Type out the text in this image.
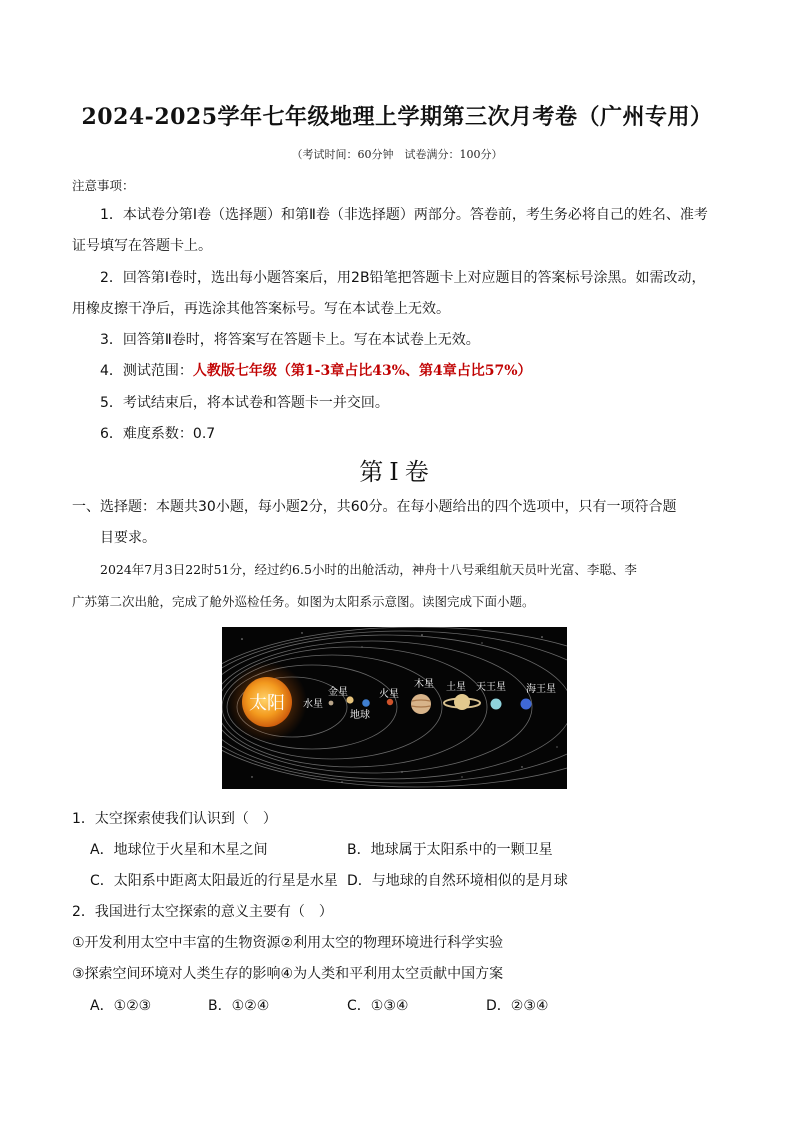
2024-2025学年七年级地理上学期第三次月考卷（广州专用）
（考试时间：60分钟　试卷满分：100分）
注意事项：
1．本试卷分第Ⅰ卷（选择题）和第Ⅱ卷（非选择题）两部分。答卷前，考生务必将自己的姓名、准考
证号填写在答题卡上。
2．回答第Ⅰ卷时，选出每小题答案后，用2B铅笔把答题卡上对应题目的答案标号涂黑。如需改动，
用橡皮擦干净后，再选涂其他答案标号。写在本试卷上无效。
3．回答第Ⅱ卷时，将答案写在答题卡上。写在本试卷上无效。
4．测试范围：人教版七年级（第1-3章占比43%、第4章占比57%）
5．考试结束后，将本试卷和答题卡一并交回。
6．难度系数：0.7
第Ⅰ卷
一、选择题：本题共30小题，每小题2分，共60分。在每小题给出的四个选项中，只有一项符合题
目要求。
2024年7月3日22时51分，经过约6.5小时的出舱活动，神舟十八号乘组航天员叶光富、李聪、李
广苏第二次出舱，完成了舱外巡检任务。如图为太阳系示意图。读图完成下面小题。
太阳 水星
金星
地球
火星
木星 土星 天王星 海王星
1．太空探索使我们认识到（　）
A．地球位于火星和木星之间	B．地球属于太阳系中的一颗卫星
C．太阳系中距离太阳最近的行星是水星 D．与地球的自然环境相似的是月球
2．我国进行太空探索的意义主要有（　）
①开发利用太空中丰富的生物资源②利用太空的物理环境进行科学实验
③探索空间环境对人类生存的影响④为人类和平利用太空贡献中国方案
A．①②③	B．①②④	C．①③④	D．②③④
